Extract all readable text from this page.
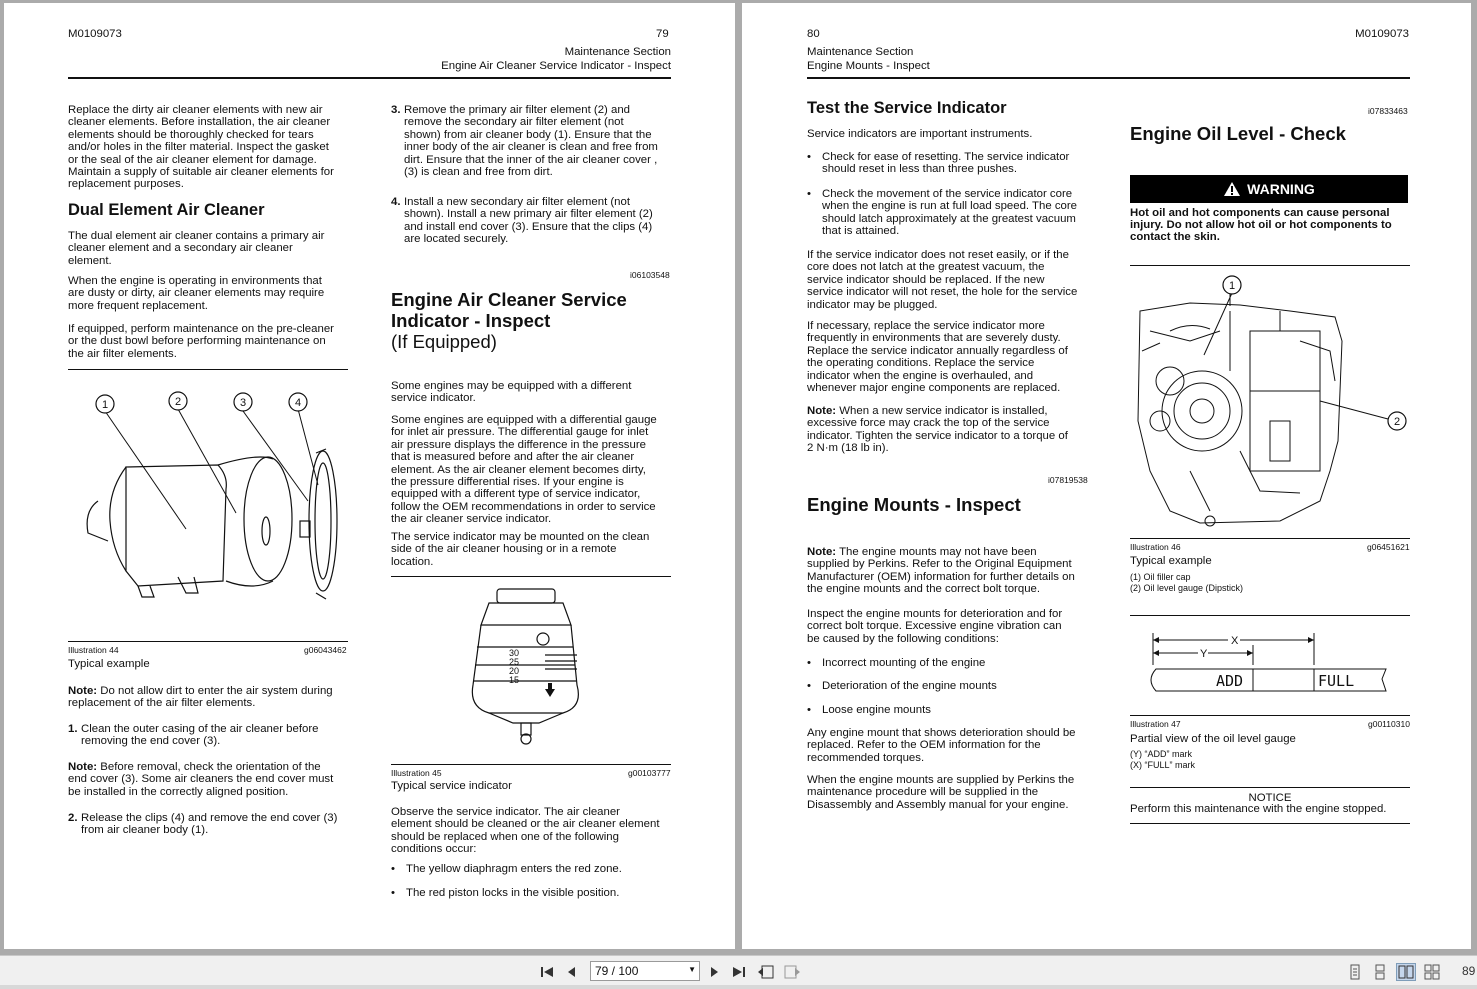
M0109073	79
Maintenance Section
Engine Air Cleaner Service Indicator - Inspect
Replace the dirty air cleaner elements with new air
cleaner elements. Before installation, the air cleaner
elements should be thoroughly checked for tears
and/or holes in the filter material. Inspect the gasket
or the seal of the air cleaner element for damage.
Maintain a supply of suitable air cleaner elements for
replacement purposes.
Dual Element Air Cleaner
The dual element air cleaner contains a primary air
cleaner element and a secondary air cleaner
element.
When the engine is operating in environments that
are dusty or dirty, air cleaner elements may require
more frequent replacement.
If equipped, perform maintenance on the pre-cleaner
or the dust bowl before performing maintenance on
the air filter elements.
1	2	3	4
Illustration 44	g06043462
Typical example
Note: Do not allow dirt to enter the air system during
replacement of the air filter elements.
1. Clean the outer casing of the air cleaner before
removing the end cover (3).
Note: Before removal, check the orientation of the
end cover (3). Some air cleaners the end cover must
be installed in the correctly aligned position.
2. Release the clips (4) and remove the end cover (3)
from air cleaner body (1).
3. Remove the primary air filter element (2) and
remove the secondary air filter element (not
shown) from air cleaner body (1). Ensure that the
inner body of the air cleaner is clean and free from
dirt. Ensure that the inner of the air cleaner cover ,
(3) is clean and free from dirt.
4. Install a new secondary air filter element (not
shown). Install a new primary air filter element (2)
and install end cover (3). Ensure that the clips (4)
are located securely.
i06103548
Engine Air Cleaner Service
Indicator - Inspect
(If Equipped)
Some engines may be equipped with a different
service indicator.
Some engines are equipped with a differential gauge
for inlet air pressure. The differential gauge for inlet
air pressure displays the difference in the pressure
that is measured before and after the air cleaner
element. As the air cleaner element becomes dirty,
the pressure differential rises. If your engine is
equipped with a different type of service indicator,
follow the OEM recommendations in order to service
the air cleaner service indicator.
The service indicator may be mounted on the clean
side of the air cleaner housing or in a remote
location.
30
25
20
15
Illustration 45	g00103777
Typical service indicator
Observe the service indicator. The air cleaner
element should be cleaned or the air cleaner element
should be replaced when one of the following
conditions occur:
• The yellow diaphragm enters the red zone.
• The red piston locks in the visible position.
80	M0109073
Maintenance Section
Engine Mounts - Inspect
Test the Service Indicator
Service indicators are important instruments.
• Check for ease of resetting. The service indicator
should reset in less than three pushes.
• Check the movement of the service indicator core
when the engine is run at full load speed. The core
should latch approximately at the greatest vacuum
that is attained.
If the service indicator does not reset easily, or if the
core does not latch at the greatest vacuum, the
service indicator should be replaced. If the new
service indicator will not reset, the hole for the service
indicator may be plugged.
If necessary, replace the service indicator more
frequently in environments that are severely dusty.
Replace the service indicator annually regardless of
the operating conditions. Replace the service
indicator when the engine is overhauled, and
whenever major engine components are replaced.
Note: When a new service indicator is installed,
excessive force may crack the top of the service
indicator. Tighten the service indicator to a torque of
2 N·m (18 lb in).
i07819538
Engine Mounts - Inspect
Note: The engine mounts may not have been
supplied by Perkins. Refer to the Original Equipment
Manufacturer (OEM) information for further details on
the engine mounts and the correct bolt torque.
Inspect the engine mounts for deterioration and for
correct bolt torque. Excessive engine vibration can
be caused by the following conditions:
• Incorrect mounting of the engine
• Deterioration of the engine mounts
• Loose engine mounts
Any engine mount that shows deterioration should be
replaced. Refer to the OEM information for the
recommended torques.
When the engine mounts are supplied by Perkins the
maintenance procedure will be supplied in the
Disassembly and Assembly manual for your engine.
i07833463
Engine Oil Level - Check
WARNING
Hot oil and hot components can cause personal
injury. Do not allow hot oil or hot components to
contact the skin.
1
2
Illustration 46	g06451621
Typical example
(1) Oil filler cap
(2) Oil level gauge (Dipstick)
X
Y
ADD	FULL
Illustration 47	g00110310
Partial view of the oil level gauge
(Y) “ADD” mark
(X) “FULL” mark
NOTICE
Perform this maintenance with the engine stopped.
79 / 100	▼	89
